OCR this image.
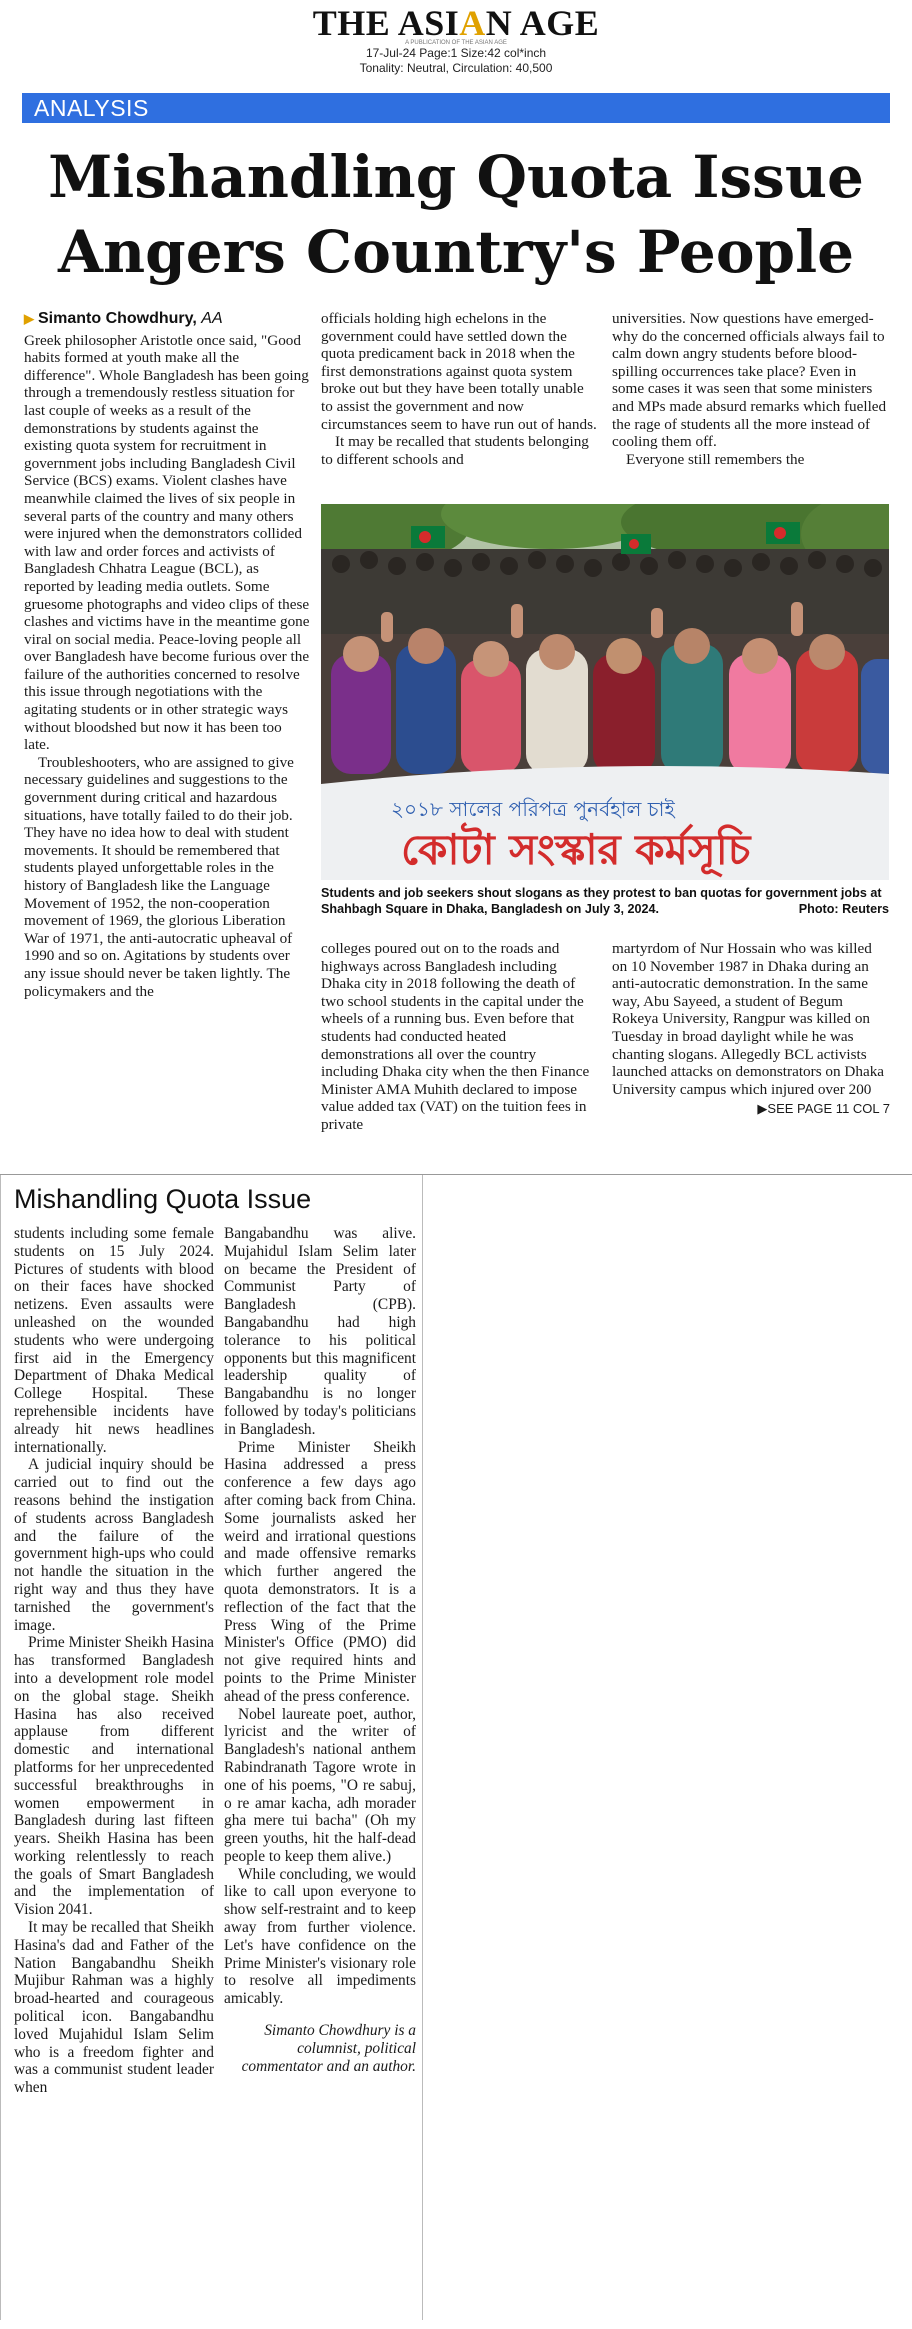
THE ASIAN AGE
A PUBLICATION OF THE ASIAN AGE
17-Jul-24 Page:1 Size:42 col*inch
Tonality: Neutral, Circulation: 40,500
ANALYSIS
Mishandling Quota Issue Angers Country's People
▶ Simanto Chowdhury, AA

Greek philosopher Aristotle once said, "Good habits formed at youth make all the difference". Whole Bangladesh has been going through a tremendously restless situation for last couple of weeks as a result of the demonstrations by students against the existing quota system for recruitment in government jobs including Bangladesh Civil Service (BCS) exams. Violent clashes have meanwhile claimed the lives of six people in several parts of the country and many others were injured when the demonstrators collided with law and order forces and activists of Bangladesh Chhatra League (BCL), as reported by leading media outlets. Some gruesome photographs and video clips of these clashes and victims have in the meantime gone viral on social media. Peace-loving people all over Bangladesh have become furious over the failure of the authorities concerned to resolve this issue through negotiations with the agitating students or in other strategic ways without bloodshed but now it has been too late.

Troubleshooters, who are assigned to give necessary guidelines and suggestions to the government during critical and hazardous situations, have totally failed to do their job. They have no idea how to deal with student movements. It should be remembered that students played unforgettable roles in the history of Bangladesh like the Language Movement of 1952, the non-cooperation movement of 1969, the glorious Liberation War of 1971, the anti-autocratic upheaval of 1990 and so on. Agitations by students over any issue should never be taken lightly. The policymakers and the

officials holding high echelons in the government could have settled down the quota predicament back in 2018 when the first demonstrations against quota system broke out but they have been totally unable to assist the government and now circumstances seem to have run out of hands.

It may be recalled that students belonging to different schools and

universities. Now questions have emerged-why do the concerned officials always fail to calm down angry students before blood-spilling occurrences take place? Even in some cases it was seen that some ministers and MPs made absurd remarks which fuelled the rage of students all the more instead of cooling them off.

Everyone still remembers the

২০১৮ সালের পরিপত্র পুনর্বহাল চাই
কোটা সংস্কার কর্মসূচি
Students and job seekers shout slogans as they protest to ban quotas for government jobs at Shahbagh Square in Dhaka, Bangladesh on July 3, 2024.	Photo: Reuters

colleges poured out on to the roads and highways across Bangladesh including Dhaka city in 2018 following the death of two school students in the capital under the wheels of a running bus. Even before that students had conducted heated demonstrations all over the country including Dhaka city when the then Finance Minister AMA Muhith declared to impose value added tax (VAT) on the tuition fees in private

martyrdom of Nur Hossain who was killed on 10 November 1987 in Dhaka during an anti-autocratic demonstration. In the same way, Abu Sayeed, a student of Begum Rokeya University, Rangpur was killed on Tuesday in broad daylight while he was chanting slogans. Allegedly BCL activists launched attacks on demonstrators on Dhaka University campus which injured over 200

▶SEE PAGE 11 COL 7

Mishandling Quota Issue

students including some female students on 15 July 2024. Pictures of students with blood on their faces have shocked netizens. Even assaults were unleashed on the wounded students who were undergoing first aid in the Emergency Department of Dhaka Medical College Hospital. These reprehensible incidents have already hit news headlines internationally.

A judicial inquiry should be carried out to find out the reasons behind the instigation of students across Bangladesh and the failure of the government high-ups who could not handle the situation in the right way and thus they have tarnished the government's image.

Prime Minister Sheikh Hasina has transformed Bangladesh into a development role model on the global stage. Sheikh Hasina has also received applause from different domestic and international platforms for her unprecedented successful breakthroughs in women empowerment in Bangladesh during last fifteen years. Sheikh Hasina has been working relentlessly to reach the goals of Smart Bangladesh and the implementation of Vision 2041.

It may be recalled that Sheikh Hasina's dad and Father of the Nation Bangabandhu Sheikh Mujibur Rahman was a highly broad-hearted and courageous political icon. Bangabandhu loved Mujahidul Islam Selim who is a freedom fighter and was a communist student leader when

Bangabandhu was alive. Mujahidul Islam Selim later on became the President of Communist Party of Bangladesh (CPB). Bangabandhu had high tolerance to his political opponents but this magnificent leadership quality of Bangabandhu is no longer followed by today's politicians in Bangladesh.

Prime Minister Sheikh Hasina addressed a press conference a few days ago after coming back from China. Some journalists asked her weird and irrational questions and made offensive remarks which further angered the quota demonstrators. It is a reflection of the fact that the Press Wing of the Prime Minister's Office (PMO) did not give required hints and points to the Prime Minister ahead of the press conference.

Nobel laureate poet, author, lyricist and the writer of Bangladesh's national anthem Rabindranath Tagore wrote in one of his poems, "O re sabuj, o re amar kacha, adh morader gha mere tui bacha" (Oh my green youths, hit the half-dead people to keep them alive.)

While concluding, we would like to call upon everyone to show self-restraint and to keep away from further violence. Let's have confidence on the Prime Minister's visionary role to resolve all impediments amicably.

Simanto Chowdhury is a columnist, political commentator and an author.
